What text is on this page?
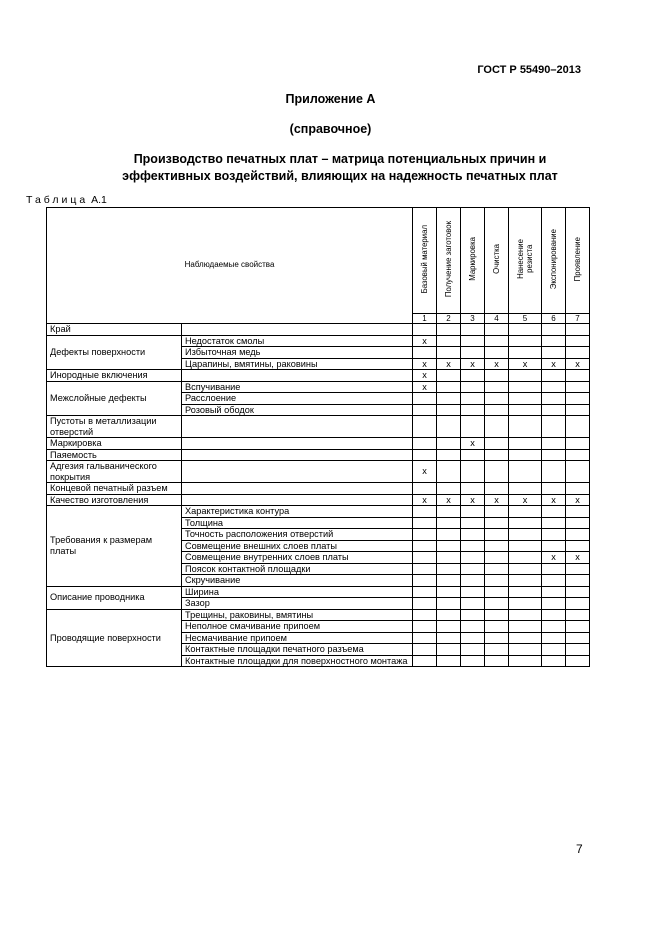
ГОСТ Р 55490–2013
Приложение А
(справочное)
Производство печатных плат – матрица потенциальных причин и
эффективных воздействий, влияющих на надежность печатных плат
Таблица А.1
Наблюдаемые свойства		Базовый материал	Получение заготовок	Маркировка	Очистка	Нанесение резиста	Экспонирование	Проявление

		1	2	3	4	5	6	7
Край								
Дефекты поверхности	Недостаток смолы	x						
	Избыточная медь							
	Царапины, вмятины, раковины	x	x	x	x	x	x	x
Инородные включения		x						
Межслойные дефекты	Вспучивание	x						
	Расслоение							
	Розовый ободок							
Пустоты в металлизации отверстий								
Маркировка				x				
Паяемость								
Адгезия гальванического покрытия		x						
Концевой печатный разъем								
Качество изготовления		x	x	x	x	x	x	x
Требования к размерам платы	Характеристика контура							
	Толщина							
	Точность расположения отверстий							
	Совмещение внешних слоев платы							
	Совмещение внутренних слоев платы						x	x
	Поясок контактной площадки							
	Скручивание							
Описание проводника	Ширина							
	Зазор							
Проводящие поверхности	Трещины, раковины, вмятины							
	Неполное смачивание припоем							
	Несмачивание припоем							
	Контактные площадки печатного разъема							
	Контактные площадки для поверхностного монтажа							
7
